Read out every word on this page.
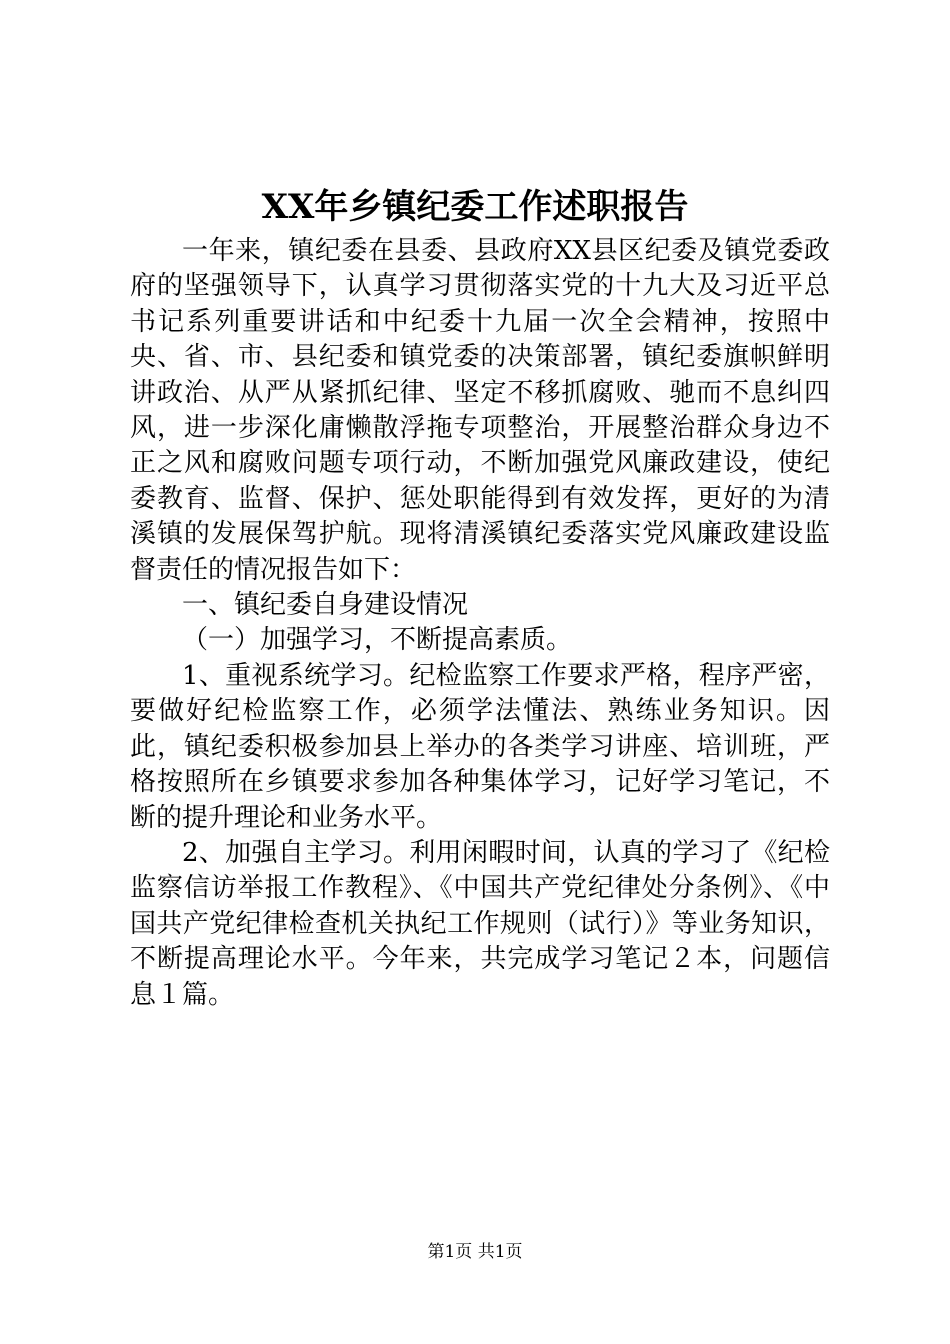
XX年乡镇纪委工作述职报告

一年来，镇纪委在县委、县政府XX县区纪委及镇党委政府的坚强领导下，认真学习贯彻落实党的十九大及习近平总书记系列重要讲话和中纪委十九届一次全会精神，按照中央、省、市、县纪委和镇党委的决策部署，镇纪委旗帜鲜明讲政治、从严从紧抓纪律、坚定不移抓腐败、驰而不息纠四风，进一步深化庸懒散浮拖专项整治，开展整治群众身边不正之风和腐败问题专项行动，不断加强党风廉政建设，使纪委教育、监督、保护、惩处职能得到有效发挥，更好的为清溪镇的发展保驾护航。现将清溪镇纪委落实党风廉政建设监督责任的情况报告如下：

一、镇纪委自身建设情况

（一）加强学习，不断提高素质。

1、重视系统学习。纪检监察工作要求严格，程序严密，要做好纪检监察工作，必须学法懂法、熟练业务知识。因此，镇纪委积极参加县上举办的各类学习讲座、培训班，严格按照所在乡镇要求参加各种集体学习，记好学习笔记，不断的提升理论和业务水平。

2、加强自主学习。利用闲暇时间，认真的学习了《纪检监察信访举报工作教程》、《中国共产党纪律处分条例》、《中国共产党纪律检查机关执纪工作规则（试行）》等业务知识，不断提高理论水平。今年来，共完成学习笔记２本，问题信息１篇。

第1页 共1页
